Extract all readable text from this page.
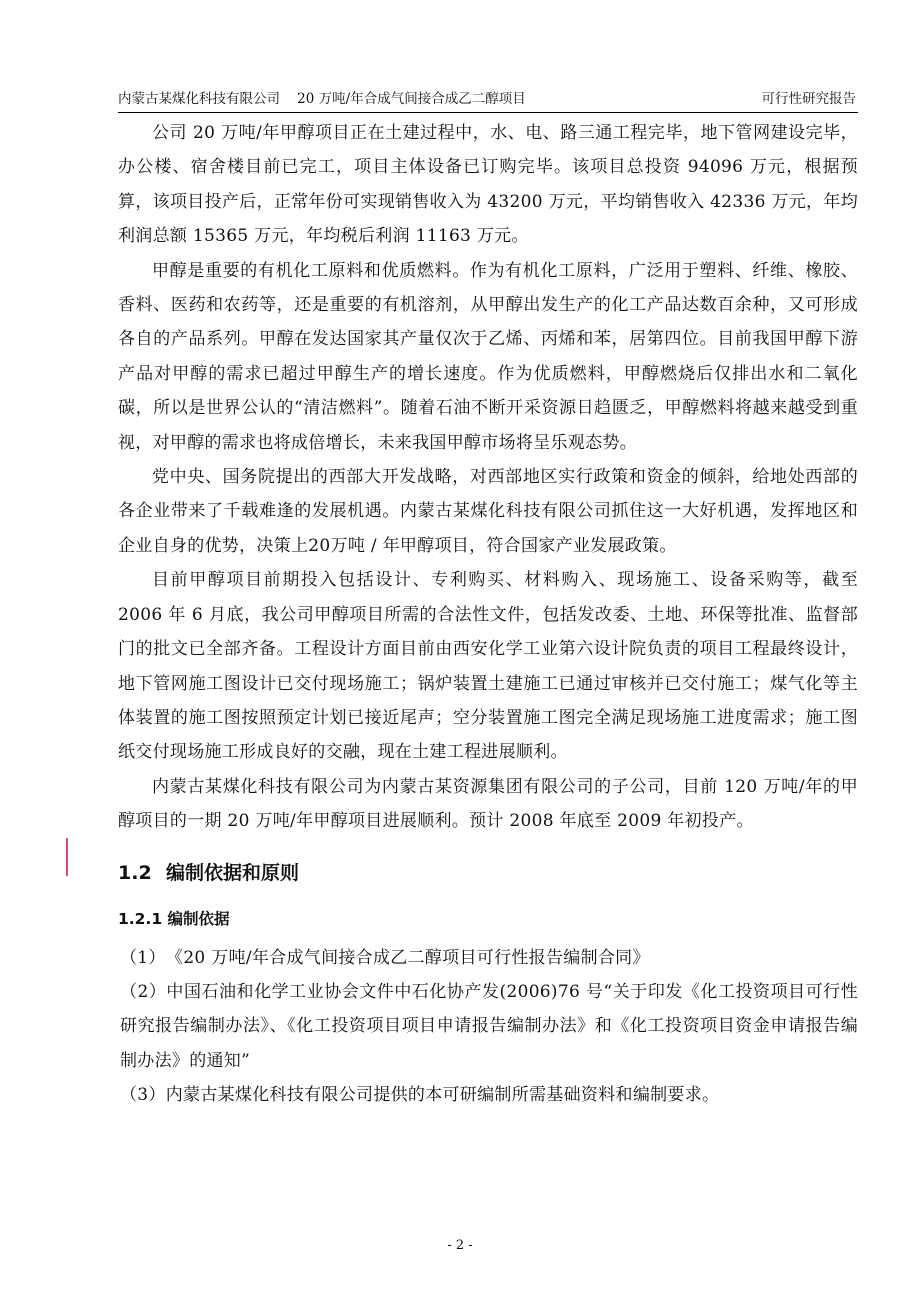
内蒙古某煤化科技有限公司 20 万吨/年合成气间接合成乙二醇项目	可行性研究报告

公司 20 万吨/年甲醇项目正在土建过程中，水、电、路三通工程完毕，地下管网建设完毕，办公楼、宿舍楼目前已完工，项目主体设备已订购完毕。该项目总投资 94096 万元，根据预算，该项目投产后，正常年份可实现销售收入为 43200 万元，平均销售收入 42336 万元，年均利润总额 15365 万元，年均税后利润 11163 万元。

甲醇是重要的有机化工原料和优质燃料。作为有机化工原料，广泛用于塑料、纤维、橡胶、香料、医药和农药等，还是重要的有机溶剂，从甲醇出发生产的化工产品达数百余种，又可形成各自的产品系列。甲醇在发达国家其产量仅次于乙烯、丙烯和苯，居第四位。目前我国甲醇下游产品对甲醇的需求已超过甲醇生产的增长速度。作为优质燃料，甲醇燃烧后仅排出水和二氧化碳，所以是世界公认的“清洁燃料”。随着石油不断开采资源日趋匮乏，甲醇燃料将越来越受到重视，对甲醇的需求也将成倍增长，未来我国甲醇市场将呈乐观态势。

党中央、国务院提出的西部大开发战略，对西部地区实行政策和资金的倾斜，给地处西部的各企业带来了千载难逢的发展机遇。内蒙古某煤化科技有限公司抓住这一大好机遇，发挥地区和企业自身的优势，决策上20万吨 / 年甲醇项目，符合国家产业发展政策。

目前甲醇项目前期投入包括设计、专利购买、材料购入、现场施工、设备采购等，截至 2006 年 6 月底，我公司甲醇项目所需的合法性文件，包括发改委、土地、环保等批准、监督部门的批文已全部齐备。工程设计方面目前由西安化学工业第六设计院负责的项目工程最终设计，地下管网施工图设计已交付现场施工；锅炉装置土建施工已通过审核并已交付施工；煤气化等主体装置的施工图按照预定计划已接近尾声；空分装置施工图完全满足现场施工进度需求；施工图纸交付现场施工形成良好的交融，现在土建工程进展顺利。

内蒙古某煤化科技有限公司为内蒙古某资源集团有限公司的子公司，目前 120 万吨/年的甲醇项目的一期 20 万吨/年甲醇项目进展顺利。预计 2008 年底至 2009 年初投产。

1.2 编制依据和原则
1.2.1 编制依据

（1）　《20 万吨/年合成气间接合成乙二醇项目可行性报告编制合同》

（2）中国石油和化学工业协会文件中石化协产发(2006)76 号“关于印发《化工投资项目可行性研究报告编制办法》、《化工投资项目项目申请报告编制办法》和《化工投资项目资金申请报告编制办法》的通知”

（3）内蒙古某煤化科技有限公司提供的本可研编制所需基础资料和编制要求。

- 2 -
